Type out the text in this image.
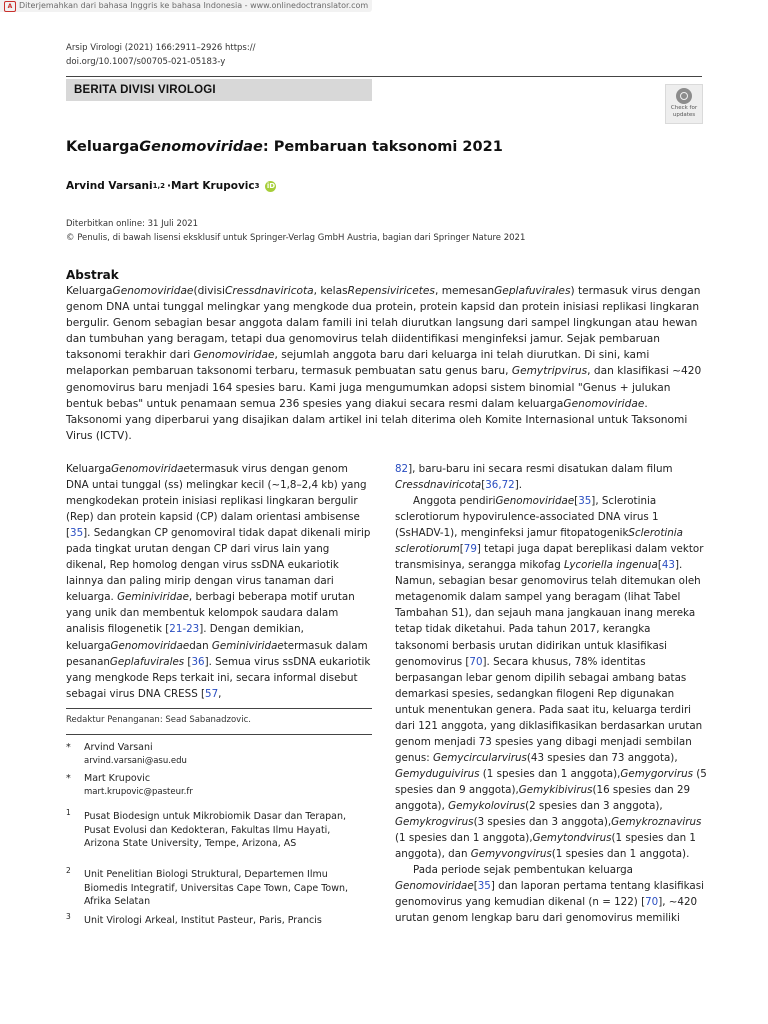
A Diterjemahkan dari bahasa Inggris ke bahasa Indonesia - www.onlinedoctranslator.com
Arsip Virologi (2021) 166:2911–2926 https://
doi.org/10.1007/s00705-021-05183-y
BERITA DIVISI VIROLOGI
Check for
updates
KeluargaGenomoviridae: Pembaruan taksonomi 2021
Arvind Varsani 1,2 · Mart Krupovic 3 iD
Diterbitkan online: 31 Juli 2021
© Penulis, di bawah lisensi eksklusif untuk Springer-Verlag GmbH Austria, bagian dari Springer Nature 2021
Abstrak
KeluargaGenomoviridae(divisiCressdnaviricota, kelasRepensiviricetes, memesanGeplafuvirales) termasuk virus dengan genom DNA untai tunggal melingkar yang mengkode dua protein, protein kapsid dan protein inisiasi replikasi lingkaran bergulir. Genom sebagian besar anggota dalam famili ini telah diurutkan langsung dari sampel lingkungan atau hewan dan tumbuhan yang beragam, tetapi dua genomovirus telah diidentifikasi menginfeksi jamur. Sejak pembaruan taksonomi terakhir dari Genomoviridae, sejumlah anggota baru dari keluarga ini telah diurutkan. Di sini, kami melaporkan pembaruan taksonomi terbaru, termasuk pembuatan satu genus baru, Gemytripvirus, dan klasifikasi ~420 genomovirus baru menjadi 164 spesies baru. Kami juga mengumumkan adopsi sistem binomial "Genus + julukan bentuk bebas" untuk penamaan semua 236 spesies yang diakui secara resmi dalam keluargaGenomoviridae. Taksonomi yang diperbarui yang disajikan dalam artikel ini telah diterima oleh Komite Internasional untuk Taksonomi Virus (ICTV).

KeluargaGenomoviridaetermasuk virus dengan genom DNA untai tunggal (ss) melingkar kecil (~1,8–2,4 kb) yang mengkodekan protein inisiasi replikasi lingkaran bergulir (Rep) dan protein kapsid (CP) dalam orientasi ambisense [35]. Sedangkan CP genomoviral tidak dapat dikenali mirip pada tingkat urutan dengan CP dari virus lain yang dikenal, Rep homolog dengan virus ssDNA eukariotik lainnya dan paling mirip dengan virus tanaman dari keluarga. Geminiviridae, berbagi beberapa motif urutan yang unik dan membentuk kelompok saudara dalam analisis filogenetik [21-23]. Dengan demikian, keluargaGenomoviridaedan Geminiviridaetermasuk dalam pesananGeplafuvirales [36]. Semua virus ssDNA eukariotik yang mengkode Reps terkait ini, secara informal disebut sebagai virus DNA CRESS [57,

Redaktur Penanganan: Sead Sabanadzovic.
* Arvind Varsani
arvind.varsani@asu.edu
* Mart Krupovic
mart.krupovic@pasteur.fr
1 Pusat Biodesign untuk Mikrobiomik Dasar dan Terapan, Pusat Evolusi dan Kedokteran, Fakultas Ilmu Hayati, Arizona State University, Tempe, Arizona, AS
2 Unit Penelitian Biologi Struktural, Departemen Ilmu Biomedis Integratif, Universitas Cape Town, Cape Town, Afrika Selatan
3 Unit Virologi Arkeal, Institut Pasteur, Paris, Prancis

82], baru-baru ini secara resmi disatukan dalam filum Cressdnaviricota[36,72].

Anggota pendiriGenomoviridae[35], Sclerotinia sclerotiorum hypovirulence-associated DNA virus 1 (SsHADV-1), menginfeksi jamur fitopatogenikSclerotinia sclerotiorum[79] tetapi juga dapat bereplikasi dalam vektor transmisinya, serangga mikofag Lycoriella ingenua[43]. Namun, sebagian besar genomovirus telah ditemukan oleh metagenomik dalam sampel yang beragam (lihat Tabel Tambahan S1), dan sejauh mana jangkauan inang mereka tetap tidak diketahui. Pada tahun 2017, kerangka taksonomi berbasis urutan didirikan untuk klasifikasi genomovirus [70]. Secara khusus, 78% identitas berpasangan lebar genom dipilih sebagai ambang batas demarkasi spesies, sedangkan filogeni Rep digunakan untuk menentukan genera. Pada saat itu, keluarga terdiri dari 121 anggota, yang diklasifikasikan berdasarkan urutan genom menjadi 73 spesies yang dibagi menjadi sembilan genus: Gemycircularvirus(43 spesies dan 73 anggota), Gemyduguivirus (1 spesies dan 1 anggota),Gemygorvirus (5 spesies dan 9 anggota),Gemykibivirus(16 spesies dan 29 anggota), Gemykolovirus(2 spesies dan 3 anggota), Gemykrogvirus(3 spesies dan 3 anggota),Gemykroznavirus (1 spesies dan 1 anggota),Gemytondvirus(1 spesies dan 1 anggota), dan Gemyvongvirus(1 spesies dan 1 anggota).

Pada periode sejak pembentukan keluarga Genomoviridae[35] dan laporan pertama tentang klasifikasi genomovirus yang kemudian dikenal (n = 122) [70], ~420 urutan genom lengkap baru dari genomovirus memiliki
